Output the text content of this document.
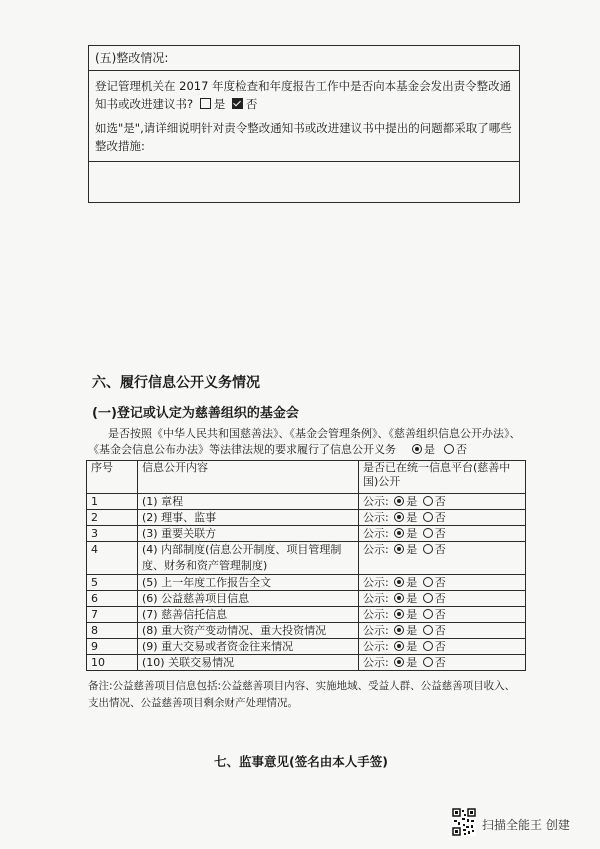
(五)整改情况:
登记管理机关在 2017 年度检查和年度报告工作中是否向本基金会发出责令整改通知书或改进建议书? 是 否
如选"是",请详细说明针对责令整改通知书或改进建议书中提出的问题都采取了哪些整改措施:
六、履行信息公开义务情况
(一)登记或认定为慈善组织的基金会
是否按照《中华人民共和国慈善法》、《基金会管理条例》、《慈善组织信息公开办法》、
《基金会信息公布办法》等法律法规的要求履行了信息公开义务	是 否
序号	信息公开内容	是否已在统一信息平台(慈善中国)公开
1	(1) 章程	公示: 是 否
2	(2) 理事、监事	公示: 是 否
3	(3) 重要关联方	公示: 是 否
4	(4) 内部制度(信息公开制度、项目管理制度、财务和资产管理制度)	公示: 是 否
5	(5) 上一年度工作报告全文	公示: 是 否
6	(6) 公益慈善项目信息	公示: 是 否
7	(7) 慈善信托信息	公示: 是 否
8	(8) 重大资产变动情况、重大投资情况	公示: 是 否
9	(9) 重大交易或者资金往来情况	公示: 是 否
10	(10) 关联交易情况	公示: 是 否
备注:公益慈善项目信息包括:公益慈善项目内容、实施地域、受益人群、公益慈善项目收入、支出情况、公益慈善项目剩余财产处理情况。
七、监事意见(签名由本人手签)
扫描全能王 创建
